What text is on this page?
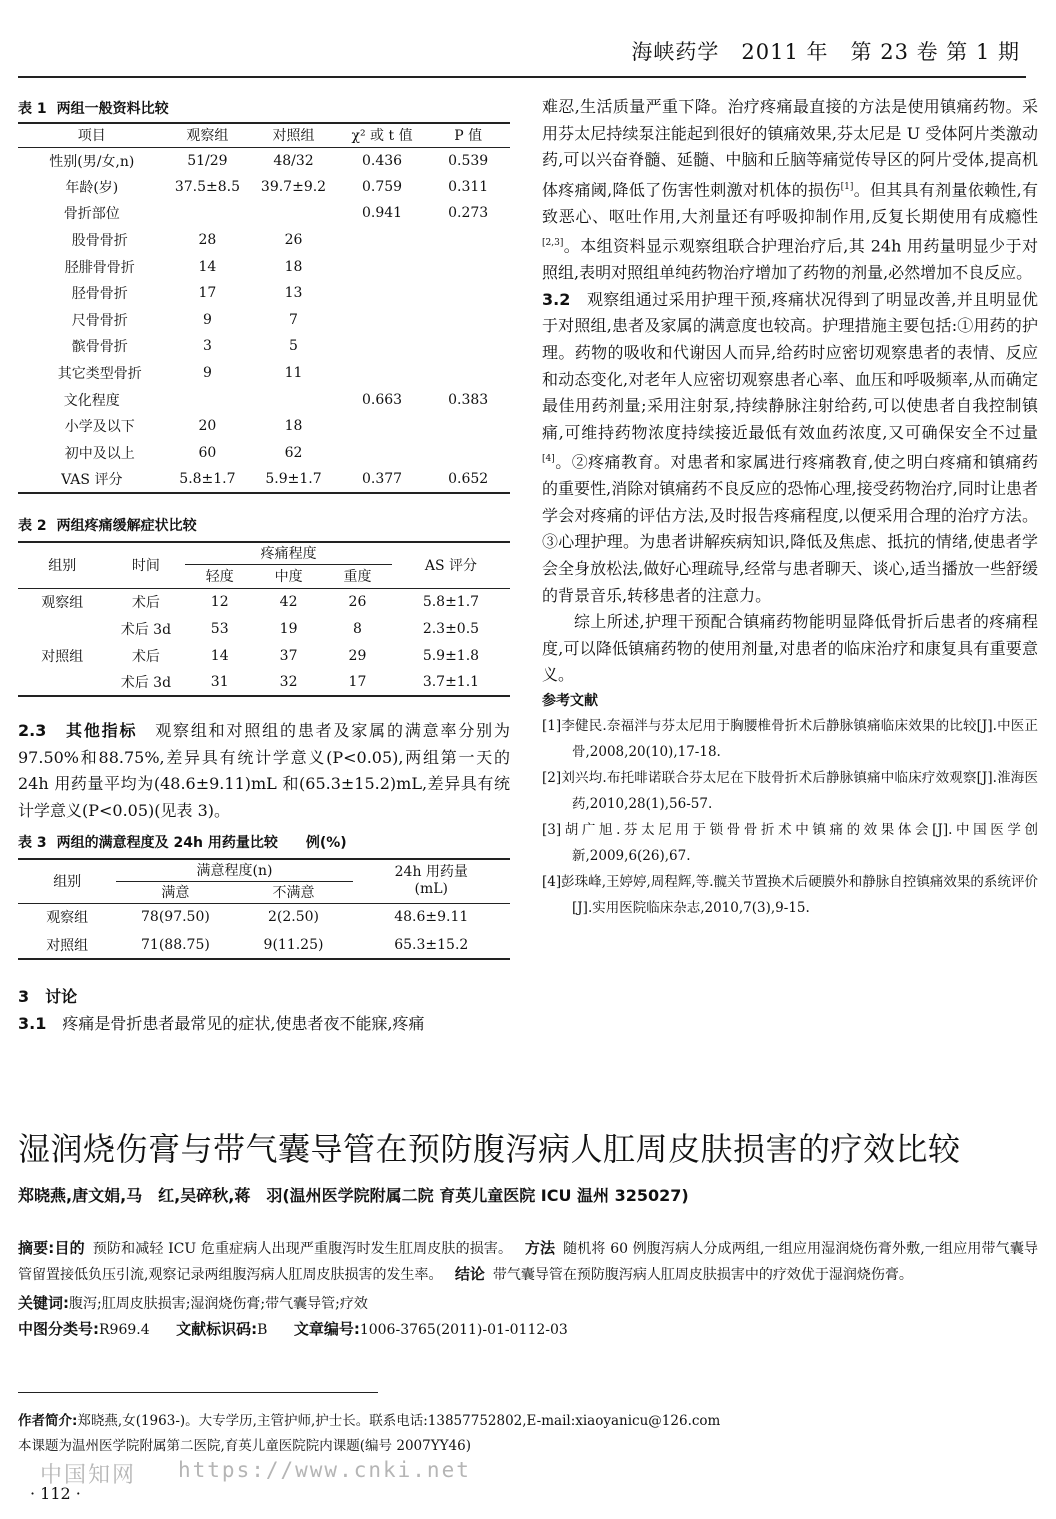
海峡药学　2011 年　第 23 卷 第 1 期
表 1 两组一般资料比较
项目	观察组	对照组	χ² 或 t 值	P 值
性别(男/女,n)	51/29	48/32	0.436	0.539
年龄(岁)	37.5±8.5	39.7±9.2	0.759	0.311
骨折部位			0.941	0.273
股骨骨折	28	26		
胫腓骨骨折	14	18		
胫骨骨折	17	13		
尺骨骨折	9	7		
髌骨骨折	3	5		
其它类型骨折	9	11		
文化程度			0.663	0.383
小学及以下	20	18		
初中及以上	60	62		
VAS 评分	5.8±1.7	5.9±1.7	0.377	0.652
表 2 两组疼痛缓解症状比较
组别	时间	疼痛程度			AS 评分
		轻度	中度	重度	
观察组	术后	12	42	26	5.8±1.7
	术后 3d	53	19	8	2.3±0.5
对照组	术后	14	37	29	5.9±1.8
	术后 3d	31	32	17	3.7±1.1

2.3　其他指标　 观察组和对照组的患者及家属的满意率分别为97.50%和88.75%,差异具有统计学意义(P<0.05),两组第一天的 24h 用药量平均为(48.6±9.11)mL 和(65.3±15.2)mL,差异具有统计学意义(P<0.05)(见表 3)。

表 3 两组的满意程度及 24h 用药量比较　　例(%)
组别	满意程度(n)		24h 用药量
(mL)
	满意	不满意	
观察组	78(97.50)	2(2.50)	48.6±9.11
对照组	71(88.75)	9(11.25)	65.3±15.2
3　讨论

3.1　 疼痛是骨折患者最常见的症状,使患者夜不能寐,疼痛

难忍,生活质量严重下降。治疗疼痛最直接的方法是使用镇痛药物。采用芬太尼持续泵注能起到很好的镇痛效果,芬太尼是 U 受体阿片类激动药,可以兴奋脊髓、延髓、中脑和丘脑等痛觉传导区的阿片受体,提高机体疼痛阈,降低了伤害性刺激对机体的损伤[1]。但其具有剂量依赖性,有致恶心、呕吐作用,大剂量还有呼吸抑制作用,反复长期使用有成瘾性[2,3]。本组资料显示观察组联合护理治疗后,其 24h 用药量明显少于对照组,表明对照组单纯药物治疗增加了药物的剂量,必然增加不良反应。

3.2　 观察组通过采用护理干预,疼痛状况得到了明显改善,并且明显优于对照组,患者及家属的满意度也较高。护理措施主要包括:①用药的护理。药物的吸收和代谢因人而异,给药时应密切观察患者的表情、反应和动态变化,对老年人应密切观察患者心率、血压和呼吸频率,从而确定最佳用药剂量;采用注射泵,持续静脉注射给药,可以使患者自我控制镇痛,可维持药物浓度持续接近最低有效血药浓度,又可确保安全不过量[4]。②疼痛教育。对患者和家属进行疼痛教育,使之明白疼痛和镇痛药的重要性,消除对镇痛药不良反应的恐怖心理,接受药物治疗,同时让患者学会对疼痛的评估方法,及时报告疼痛程度,以便采用合理的治疗方法。③心理护理。为患者讲解疾病知识,降低及焦虑、抵抗的情绪,使患者学会全身放松法,做好心理疏导,经常与患者聊天、谈心,适当播放一些舒缓的背景音乐,转移患者的注意力。

综上所述,护理干预配合镇痛药物能明显降低骨折后患者的疼痛程度,可以降低镇痛药物的使用剂量,对患者的临床治疗和康复具有重要意义。

参考文献

[1]李健民.奈福泮与芬太尼用于胸腰椎骨折术后静脉镇痛临床效果的比较[J].中医正骨,2008,20(10),17-18.

[2]刘兴均.布托啡诺联合芬太尼在下肢骨折术后静脉镇痛中临床疗效观察[J].淮海医药,2010,28(1),56-57.

[3]胡广旭.芬太尼用于锁骨骨折术中镇痛的效果体会[J].中国医学创新,2009,6(26),67.

[4]彭珠峰,王婷婷,周程辉,等.髋关节置换术后硬膜外和静脉自控镇痛效果的系统评价[J].实用医院临床杂志,2010,7(3),9-15.

湿润烧伤膏与带气囊导管在预防腹泻病人肛周皮肤损害的疗效比较
郑晓燕,唐文娟,马　红,吴碎秋,蒋　羽(温州医学院附属二院 育英儿童医院 ICU 温州 325027)
摘要:目的 预防和减轻 ICU 危重症病人出现严重腹泻时发生肛周皮肤的损害。 方法 随机将 60 例腹泻病人分成两组,一组应用湿润烧伤膏外敷,一组应用带气囊导管留置接低负压引流,观察记录两组腹泻病人肛周皮肤损害的发生率。 结论 带气囊导管在预防腹泻病人肛周皮肤损害中的疗效优于湿润烧伤膏。
关键词:腹泻;肛周皮肤损害;湿润烧伤膏;带气囊导管;疗效
中图分类号:R969.4 文献标识码:B 文章编号:1006-3765(2011)-01-0112-03
作者简介:郑晓燕,女(1963-)。大专学历,主管护师,护士长。联系电话:13857752802,E-mail:xiaoyanicu@126.com
本课题为温州医学院附属第二医院,育英儿童医院院内课题(编号 2007YY46)
中国知网 https://www.cnki.net
· 112 ·
